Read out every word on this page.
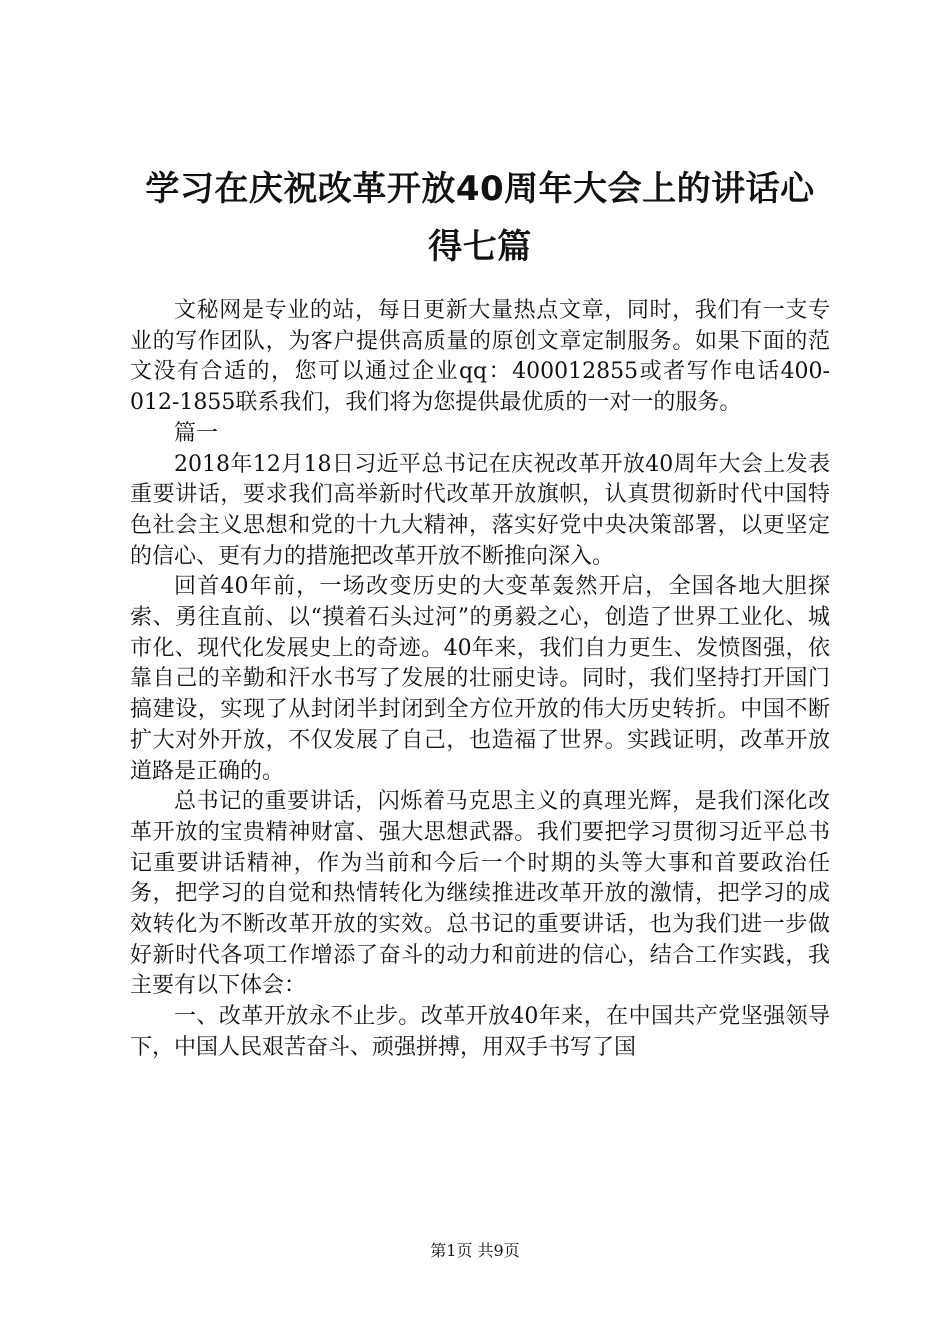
学习在庆祝改革开放40周年大会上的讲话心得七篇

文秘网是专业的站，每日更新大量热点文章，同时，我们有一支专业的写作团队，为客户提供高质量的原创文章定制服务。如果下面的范文没有合适的，您可以通过企业qq：400012855或者写作电话400-012-1855联系我们，我们将为您提供最优质的一对一的服务。

篇一

2018年12月18日习近平总书记在庆祝改革开放40周年大会上发表重要讲话，要求我们高举新时代改革开放旗帜，认真贯彻新时代中国特色社会主义思想和党的十九大精神，落实好党中央决策部署，以更坚定的信心、更有力的措施把改革开放不断推向深入。

回首40年前，一场改变历史的大变革轰然开启，全国各地大胆探索、勇往直前、以“摸着石头过河”的勇毅之心，创造了世界工业化、城市化、现代化发展史上的奇迹。40年来，我们自力更生、发愤图强，依靠自己的辛勤和汗水书写了发展的壮丽史诗。同时，我们坚持打开国门搞建设，实现了从封闭半封闭到全方位开放的伟大历史转折。中国不断扩大对外开放，不仅发展了自己，也造福了世界。实践证明，改革开放道路是正确的。

总书记的重要讲话，闪烁着马克思主义的真理光辉，是我们深化改革开放的宝贵精神财富、强大思想武器。我们要把学习贯彻习近平总书记重要讲话精神，作为当前和今后一个时期的头等大事和首要政治任务，把学习的自觉和热情转化为继续推进改革开放的激情，把学习的成效转化为不断改革开放的实效。总书记的重要讲话，也为我们进一步做好新时代各项工作增添了奋斗的动力和前进的信心，结合工作实践，我主要有以下体会：

一、改革开放永不止步。改革开放40年来，在中国共产党坚强领导下，中国人民艰苦奋斗、顽强拼搏，用双手书写了国

第1页 共9页
